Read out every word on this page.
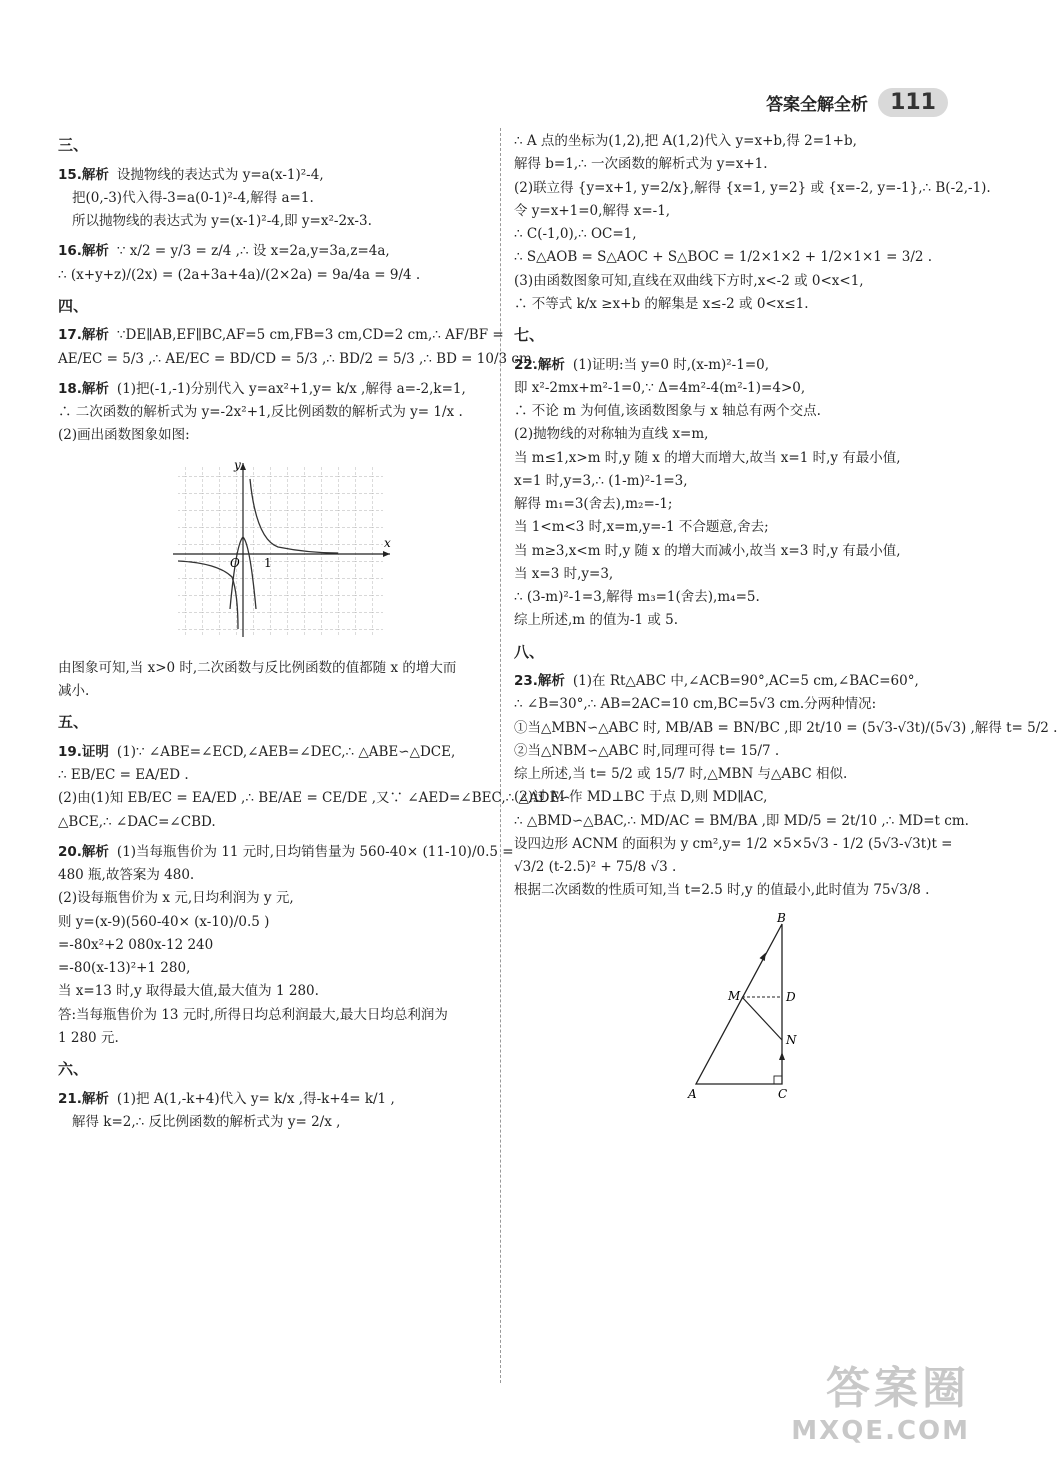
答案全解全析	111
三、
15.解析 设抛物线的表达式为 y=a(x-1)²-4,
把(0,-3)代入得-3=a(0-1)²-4,解得 a=1.
所以抛物线的表达式为 y=(x-1)²-4,即 y=x²-2x-3.
16.解析 ∵ x/2 = y/3 = z/4 ,∴ 设 x=2a,y=3a,z=4a,
∴ (x+y+z)/(2x) = (2a+3a+4a)/(2×2a) = 9a/4a = 9/4 .
四、
17.解析 ∵DE∥AB,EF∥BC,AF=5 cm,FB=3 cm,CD=2 cm,∴ AF/BF =
AE/EC = 5/3 ,∴ AE/EC = BD/CD = 5/3 ,∴ BD/2 = 5/3 ,∴ BD = 10/3 cm.
18.解析 (1)把(-1,-1)分别代入 y=ax²+1,y= k/x ,解得 a=-2,k=1,
∴ 二次函数的解析式为 y=-2x²+1,反比例函数的解析式为 y= 1/x .
(2)画出函数图象如图:
y
x
O 1
由图象可知,当 x>0 时,二次函数与反比例函数的值都随 x 的增大而
减小.
五、
19.证明 (1)∵ ∠ABE=∠ECD,∠AEB=∠DEC,∴ △ABE∽△DCE,
∴ EB/EC = EA/ED .
(2)由(1)知 EB/EC = EA/ED ,∴ BE/AE = CE/DE ,又∵ ∠AED=∠BEC,∴ △ADE∽
△BCE,∴ ∠DAC=∠CBD.
20.解析 (1)当每瓶售价为 11 元时,日均销售量为 560-40× (11-10)/0.5 =
480 瓶,故答案为 480.
(2)设每瓶售价为 x 元,日均利润为 y 元,
则 y=(x-9)(560-40× (x-10)/0.5 )
=-80x²+2 080x-12 240
=-80(x-13)²+1 280,
当 x=13 时,y 取得最大值,最大值为 1 280.
答:当每瓶售价为 13 元时,所得日均总利润最大,最大日均总利润为
1 280 元.
六、
21.解析 (1)把 A(1,-k+4)代入 y= k/x ,得-k+4= k/1 ,
解得 k=2,∴ 反比例函数的解析式为 y= 2/x ,
∴ A 点的坐标为(1,2),把 A(1,2)代入 y=x+b,得 2=1+b,
解得 b=1,∴ 一次函数的解析式为 y=x+1.
(2)联立得 {y=x+1, y=2/x},解得 {x=1, y=2} 或 {x=-2, y=-1},∴ B(-2,-1).
令 y=x+1=0,解得 x=-1,
∴ C(-1,0),∴ OC=1,
∴ S△AOB = S△AOC + S△BOC = 1/2×1×2 + 1/2×1×1 = 3/2 .
(3)由函数图象可知,直线在双曲线下方时,x<-2 或 0<x<1,
∴ 不等式 k/x ≥x+b 的解集是 x≤-2 或 0<x≤1.
七、
22.解析 (1)证明:当 y=0 时,(x-m)²-1=0,
即 x²-2mx+m²-1=0,∵ Δ=4m²-4(m²-1)=4>0,
∴ 不论 m 为何值,该函数图象与 x 轴总有两个交点.
(2)抛物线的对称轴为直线 x=m,
当 m≤1,x>m 时,y 随 x 的增大而增大,故当 x=1 时,y 有最小值,
x=1 时,y=3,∴ (1-m)²-1=3,
解得 m₁=3(舍去),m₂=-1;
当 1<m<3 时,x=m,y=-1 不合题意,舍去;
当 m≥3,x<m 时,y 随 x 的增大而减小,故当 x=3 时,y 有最小值,
当 x=3 时,y=3,
∴ (3-m)²-1=3,解得 m₃=1(舍去),m₄=5.
综上所述,m 的值为-1 或 5.
八、
23.解析 (1)在 Rt△ABC 中,∠ACB=90°,AC=5 cm,∠BAC=60°,
∴ ∠B=30°,∴ AB=2AC=10 cm,BC=5√3 cm.分两种情况:
①当△MBN∽△ABC 时, MB/AB = BN/BC ,即 2t/10 = (5√3-√3t)/(5√3) ,解得 t= 5/2 .
②当△NBM∽△ABC 时,同理可得 t= 15/7 .
综上所述,当 t= 5/2 或 15/7 时,△MBN 与△ABC 相似.
(2)过 M 作 MD⊥BC 于点 D,则 MD∥AC,
∴ △BMD∽△BAC,∴ MD/AC = BM/BA ,即 MD/5 = 2t/10 ,∴ MD=t cm.
设四边形 ACNM 的面积为 y cm²,y= 1/2 ×5×5√3 - 1/2 (5√3-√3t)t =
√3/2 (t-2.5)² + 75/8 √3 .
根据二次函数的性质可知,当 t=2.5 时,y 的值最小,此时值为 75√3/8 .
B
M	D
N
A	C
答案圈
MXQE.COM
